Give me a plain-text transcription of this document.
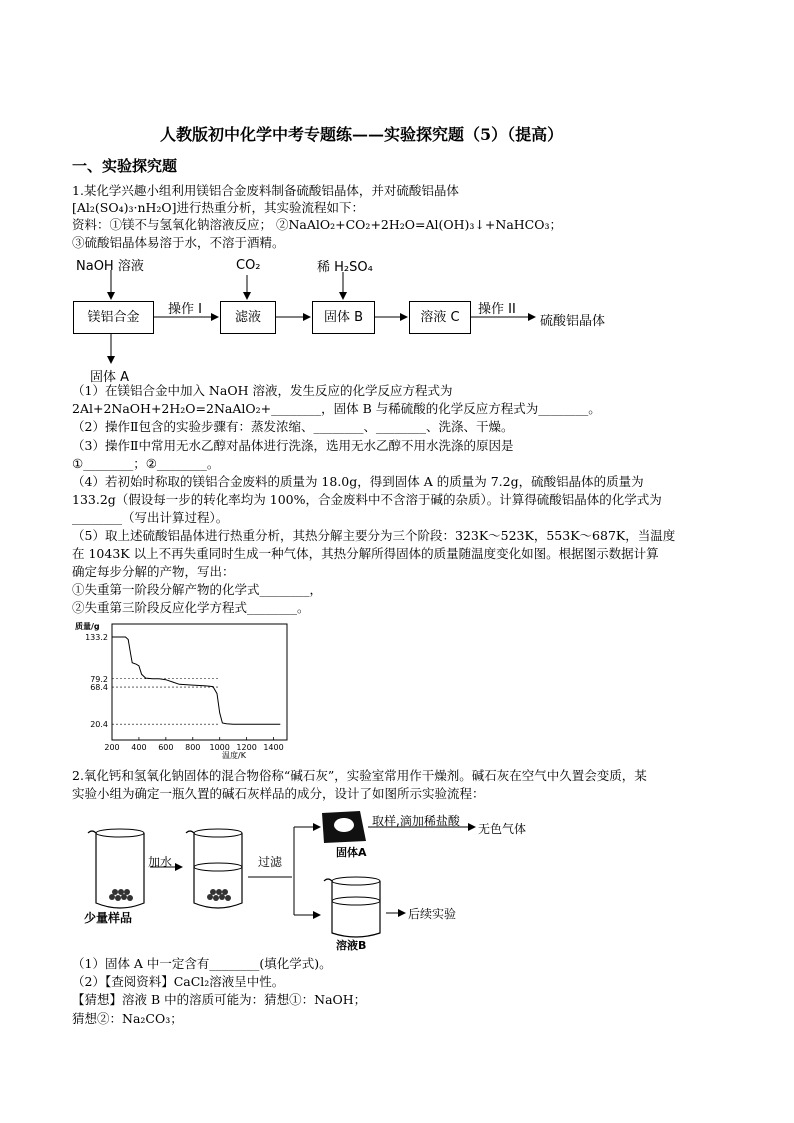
人教版初中化学中考专题练——实验探究题（5）（提高）
一、实验探究题
1.某化学兴趣小组利用镁铝合金废料制备硫酸铝晶体，并对硫酸铝晶体
[Al₂(SO₄)₃·nH₂O]进行热重分析，其实验流程如下：
资料：①镁不与氢氧化钠溶液反应； ②NaAlO₂+CO₂+2H₂O=Al(OH)₃↓+NaHCO₃；
③硫酸铝晶体易溶于水，不溶于酒精。
NaOH 溶液	CO₂	稀 H₂SO₄
镁铝合金
操作 I
滤液	固体 B	溶液 C
操作 II
硫酸铝晶体
固体 A
（1）在镁铝合金中加入 NaOH 溶液，发生反应的化学反应方程式为
2Al+2NaOH+2H₂O=2NaAlO₂+________，固体 B 与稀硫酸的化学反应方程式为________。
（2）操作Ⅱ包含的实验步骤有：蒸发浓缩、________、________、洗涤、干燥。
（3）操作Ⅱ中常用无水乙醇对晶体进行洗涤，选用无水乙醇不用水洗涤的原因是
①________；②________。
（4）若初始时称取的镁铝合金废料的质量为 18.0g，得到固体 A 的质量为 7.2g，硫酸铝晶体的质量为
133.2g（假设每一步的转化率均为 100%，合金废料中不含溶于碱的杂质）。计算得硫酸铝晶体的化学式为
________（写出计算过程）。
（5）取上述硫酸铝晶体进行热重分析，其热分解主要分为三个阶段：323K～523K，553K～687K，当温度
在 1043K 以上不再失重同时生成一种气体，其热分解所得固体的质量随温度变化如图。根据图示数据计算
确定每步分解的产物，写出：
①失重第一阶段分解产物的化学式________，
②失重第三阶段反应化学方程式________。
质量/g
温度/K
133.2
79.2
68.4
20.4
200 400 600 800 1000 1200 1400
2.氧化钙和氢氧化钠固体的混合物俗称“碱石灰”，实验室常用作干燥剂。碱石灰在空气中久置会变质，某
实验小组为确定一瓶久置的碱石灰样品的成分，设计了如图所示实验流程：
少量样品
加水	过滤
固体A
取样,滴加稀盐酸
无色气体
溶液B
后续实验
（1）固体 A 中一定含有________(填化学式)。
（2）【查阅资料】CaCl₂溶液呈中性。
【猜想】溶液 B 中的溶质可能为：猜想①：NaOH；
猜想②：Na₂CO₃；
